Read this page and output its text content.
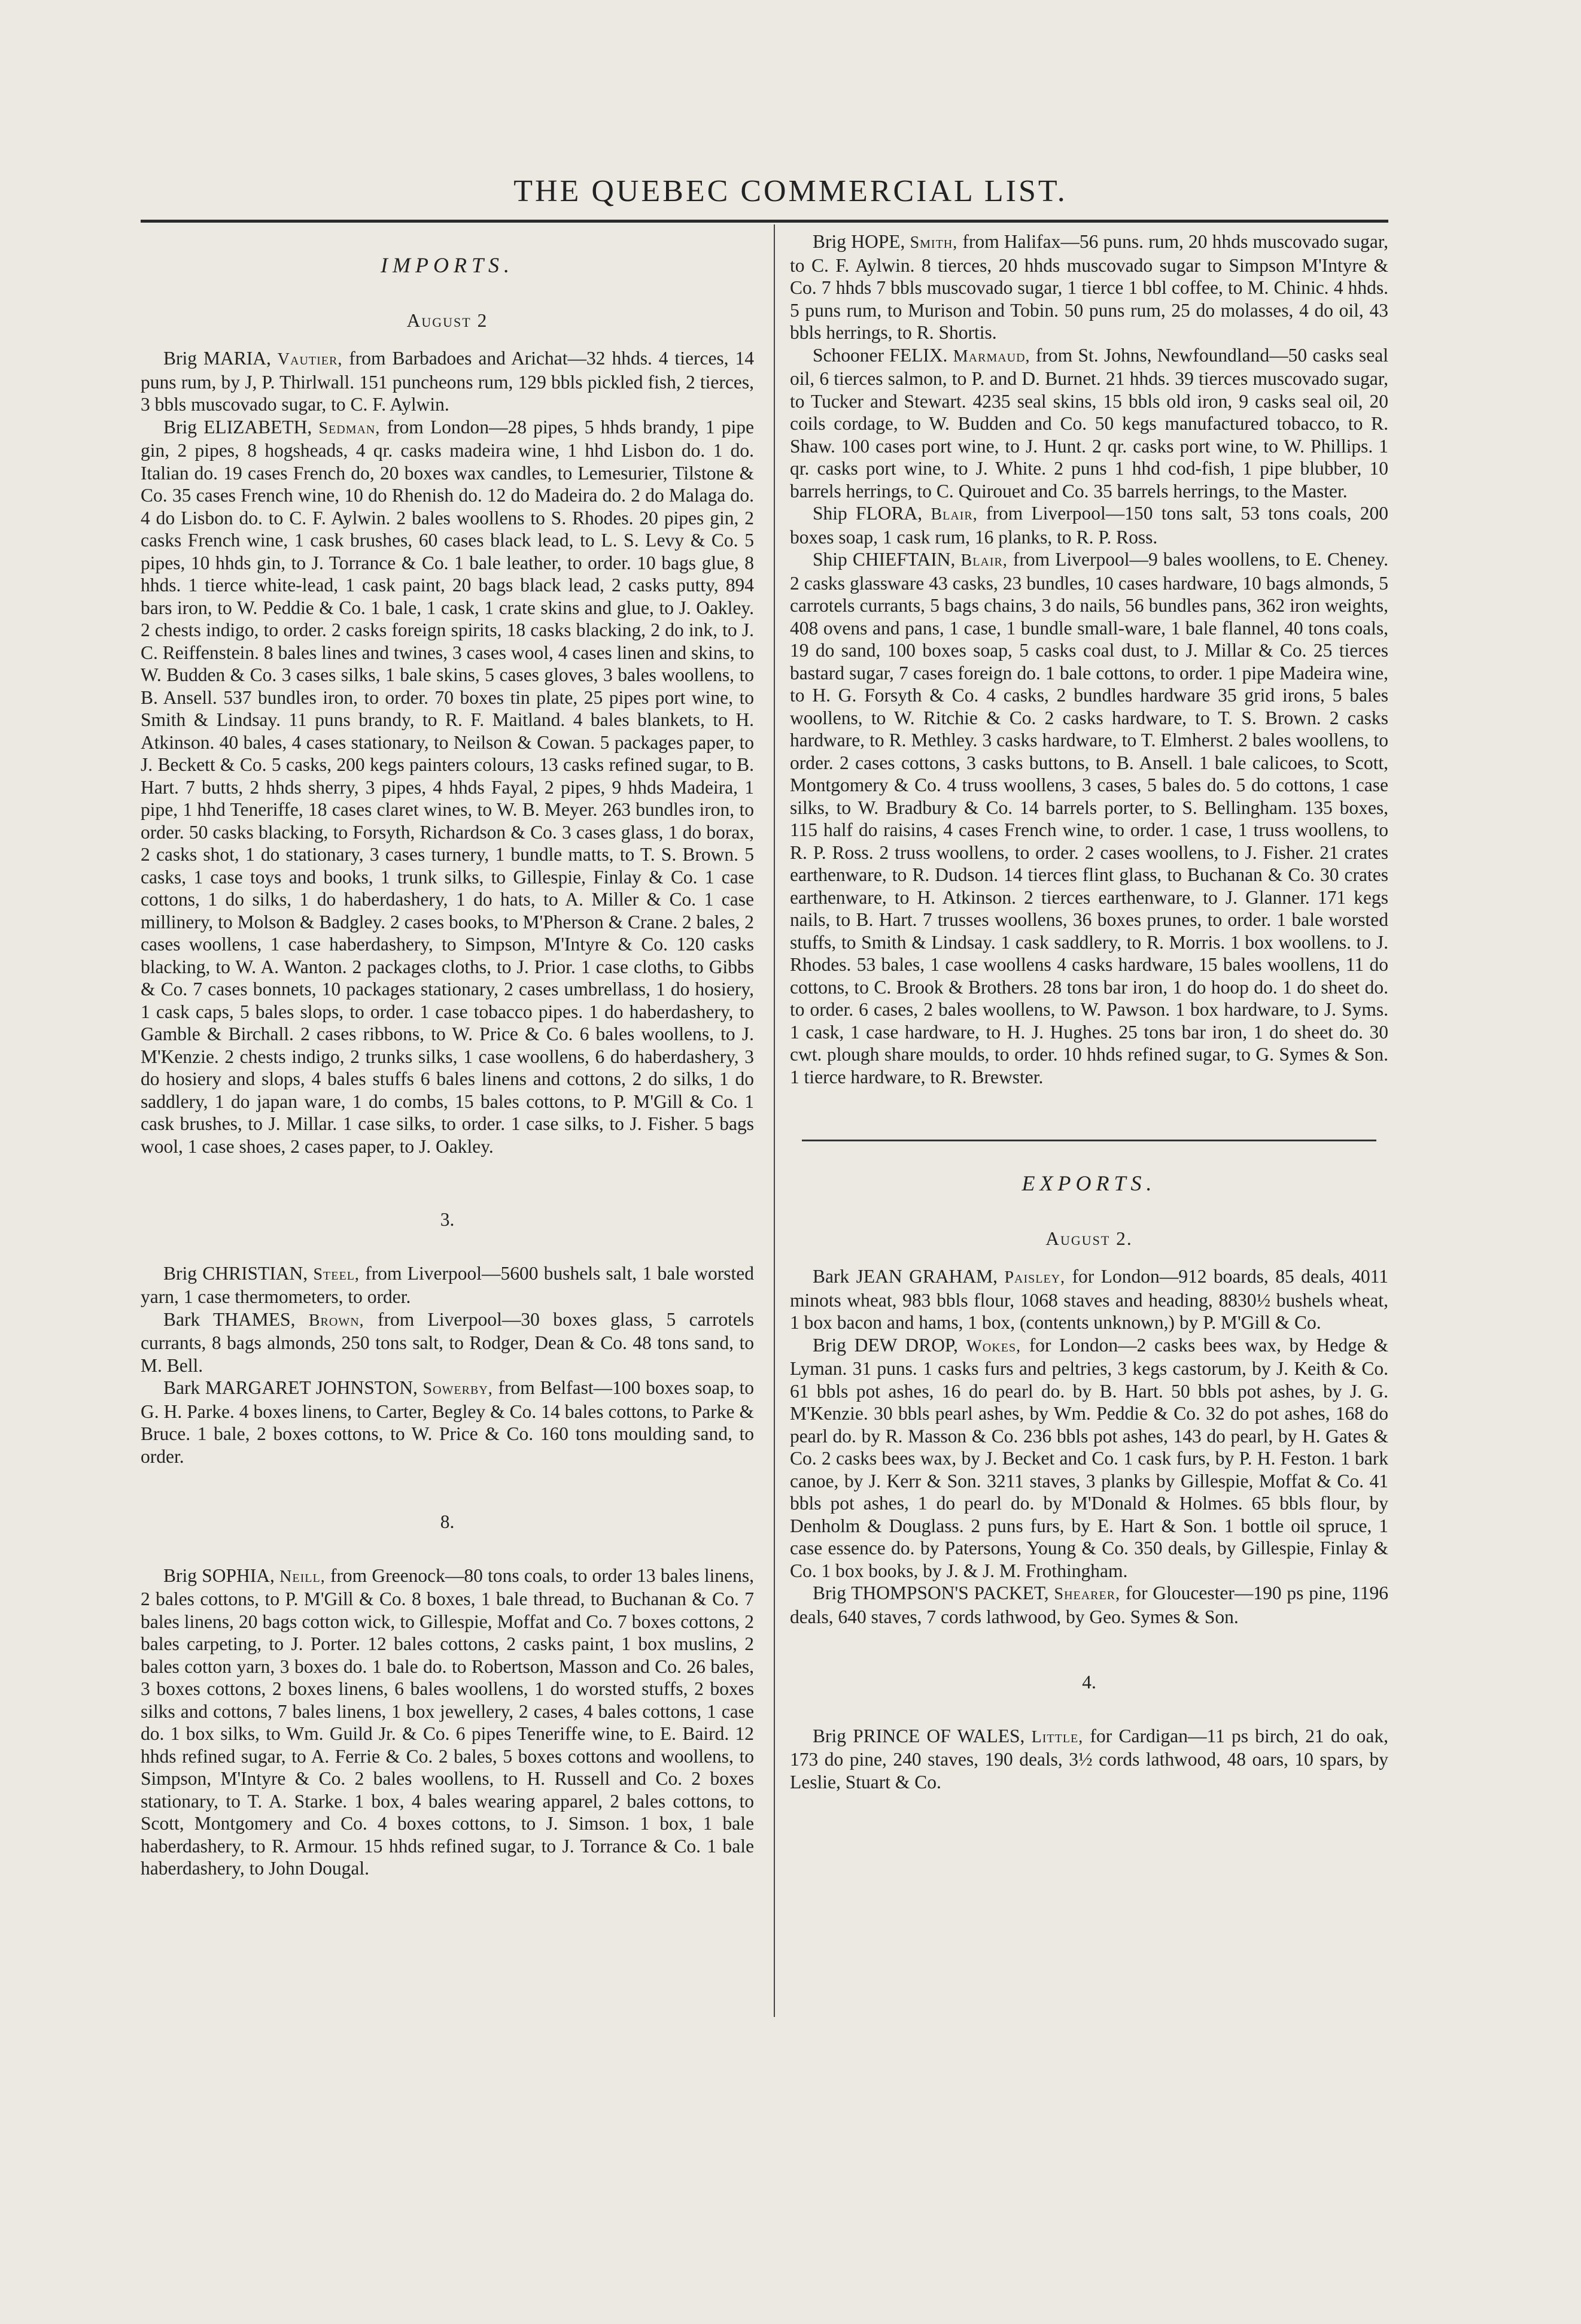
THE QUEBEC COMMERCIAL LIST.
IMPORTS.

August 2

Brig MARIA, Vautier, from Barbadoes and Arichat—32 hhds. 4 tierces, 14 puns rum, by J, P. Thirlwall. 151 puncheons rum, 129 bbls pickled fish, 2 tierces, 3 bbls muscovado sugar, to C. F. Aylwin.

Brig ELIZABETH, Sedman, from London—28 pipes, 5 hhds brandy, 1 pipe gin, 2 pipes, 8 hogsheads, 4 qr. casks madeira wine, 1 hhd Lisbon do. 1 do. Italian do. 19 cases French do, 20 boxes wax candles, to Lemesurier, Tilstone & Co. 35 cases French wine, 10 do Rhenish do. 12 do Madeira do. 2 do Malaga do. 4 do Lisbon do. to C. F. Aylwin. 2 bales woollens to S. Rhodes. 20 pipes gin, 2 casks French wine, 1 cask brushes, 60 cases black lead, to L. S. Levy & Co. 5 pipes, 10 hhds gin, to J. Torrance & Co. 1 bale leather, to order. 10 bags glue, 8 hhds. 1 tierce white-lead, 1 cask paint, 20 bags black lead, 2 casks putty, 894 bars iron, to W. Peddie & Co. 1 bale, 1 cask, 1 crate skins and glue, to J. Oakley. 2 chests indigo, to order. 2 casks foreign spirits, 18 casks blacking, 2 do ink, to J. C. Reiffenstein. 8 bales lines and twines, 3 cases wool, 4 cases linen and skins, to W. Budden & Co. 3 cases silks, 1 bale skins, 5 cases gloves, 3 bales woollens, to B. Ansell. 537 bundles iron, to order. 70 boxes tin plate, 25 pipes port wine, to Smith & Lindsay. 11 puns brandy, to R. F. Maitland. 4 bales blankets, to H. Atkinson. 40 bales, 4 cases stationary, to Neilson & Cowan. 5 packages paper, to J. Beckett & Co. 5 casks, 200 kegs painters colours, 13 casks refined sugar, to B. Hart. 7 butts, 2 hhds sherry, 3 pipes, 4 hhds Fayal, 2 pipes, 9 hhds Madeira, 1 pipe, 1 hhd Teneriffe, 18 cases claret wines, to W. B. Meyer. 263 bundles iron, to order. 50 casks blacking, to Forsyth, Richardson & Co. 3 cases glass, 1 do borax, 2 casks shot, 1 do stationary, 3 cases turnery, 1 bundle matts, to T. S. Brown. 5 casks, 1 case toys and books, 1 trunk silks, to Gillespie, Finlay & Co. 1 case cottons, 1 do silks, 1 do haberdashery, 1 do hats, to A. Miller & Co. 1 case millinery, to Molson & Badgley. 2 cases books, to M'Pherson & Crane. 2 bales, 2 cases woollens, 1 case haberdashery, to Simpson, M'Intyre & Co. 120 casks blacking, to W. A. Wanton. 2 packages cloths, to J. Prior. 1 case cloths, to Gibbs & Co. 7 cases bonnets, 10 packages stationary, 2 cases umbrellass, 1 do hosiery, 1 cask caps, 5 bales slops, to order. 1 case tobacco pipes. 1 do haberdashery, to Gamble & Birchall. 2 cases ribbons, to W. Price & Co. 6 bales woollens, to J. M'Kenzie. 2 chests indigo, 2 trunks silks, 1 case woollens, 6 do haberdashery, 3 do hosiery and slops, 4 bales stuffs 6 bales linens and cottons, 2 do silks, 1 do saddlery, 1 do japan ware, 1 do combs, 15 bales cottons, to P. M'Gill & Co. 1 cask brushes, to J. Millar. 1 case silks, to order. 1 case silks, to J. Fisher. 5 bags wool, 1 case shoes, 2 cases paper, to J. Oakley.

3.

Brig CHRISTIAN, Steel, from Liverpool—5600 bushels salt, 1 bale worsted yarn, 1 case thermometers, to order.

Bark THAMES, Brown, from Liverpool—30 boxes glass, 5 carrotels currants, 8 bags almonds, 250 tons salt, to Rodger, Dean & Co. 48 tons sand, to M. Bell.

Bark MARGARET JOHNSTON, Sowerby, from Belfast—100 boxes soap, to G. H. Parke. 4 boxes linens, to Carter, Begley & Co. 14 bales cottons, to Parke & Bruce. 1 bale, 2 boxes cottons, to W. Price & Co. 160 tons moulding sand, to order.

8.

Brig SOPHIA, Neill, from Greenock—80 tons coals, to order 13 bales linens, 2 bales cottons, to P. M'Gill & Co. 8 boxes, 1 bale thread, to Buchanan & Co. 7 bales linens, 20 bags cotton wick, to Gillespie, Moffat and Co. 7 boxes cottons, 2 bales carpeting, to J. Porter. 12 bales cottons, 2 casks paint, 1 box muslins, 2 bales cotton yarn, 3 boxes do. 1 bale do. to Robertson, Masson and Co. 26 bales, 3 boxes cottons, 2 boxes linens, 6 bales woollens, 1 do worsted stuffs, 2 boxes silks and cottons, 7 bales linens, 1 box jewellery, 2 cases, 4 bales cottons, 1 case do. 1 box silks, to Wm. Guild Jr. & Co. 6 pipes Teneriffe wine, to E. Baird. 12 hhds refined sugar, to A. Ferrie & Co. 2 bales, 5 boxes cottons and woollens, to Simpson, M'Intyre & Co. 2 bales woollens, to H. Russell and Co. 2 boxes stationary, to T. A. Starke. 1 box, 4 bales wearing apparel, 2 bales cottons, to Scott, Montgomery and Co. 4 boxes cottons, to J. Simson. 1 box, 1 bale haberdashery, to R. Armour. 15 hhds refined sugar, to J. Torrance & Co. 1 bale haberdashery, to John Dougal.

Brig HOPE, Smith, from Halifax—56 puns. rum, 20 hhds muscovado sugar, to C. F. Aylwin. 8 tierces, 20 hhds muscovado sugar to Simpson M'Intyre & Co. 7 hhds 7 bbls muscovado sugar, 1 tierce 1 bbl coffee, to M. Chinic. 4 hhds. 5 puns rum, to Murison and Tobin. 50 puns rum, 25 do molasses, 4 do oil, 43 bbls herrings, to R. Shortis.

Schooner FELIX. Marmaud, from St. Johns, Newfoundland—50 casks seal oil, 6 tierces salmon, to P. and D. Burnet. 21 hhds. 39 tierces muscovado sugar, to Tucker and Stewart. 4235 seal skins, 15 bbls old iron, 9 casks seal oil, 20 coils cordage, to W. Budden and Co. 50 kegs manufactured tobacco, to R. Shaw. 100 cases port wine, to J. Hunt. 2 qr. casks port wine, to W. Phillips. 1 qr. casks port wine, to J. White. 2 puns 1 hhd cod-fish, 1 pipe blubber, 10 barrels herrings, to C. Quirouet and Co. 35 barrels herrings, to the Master.

Ship FLORA, Blair, from Liverpool—150 tons salt, 53 tons coals, 200 boxes soap, 1 cask rum, 16 planks, to R. P. Ross.

Ship CHIEFTAIN, Blair, from Liverpool—9 bales woollens, to E. Cheney. 2 casks glassware 43 casks, 23 bundles, 10 cases hardware, 10 bags almonds, 5 carrotels currants, 5 bags chains, 3 do nails, 56 bundles pans, 362 iron weights, 408 ovens and pans, 1 case, 1 bundle small-ware, 1 bale flannel, 40 tons coals, 19 do sand, 100 boxes soap, 5 casks coal dust, to J. Millar & Co. 25 tierces bastard sugar, 7 cases foreign do. 1 bale cottons, to order. 1 pipe Madeira wine, to H. G. Forsyth & Co. 4 casks, 2 bundles hardware 35 grid irons, 5 bales woollens, to W. Ritchie & Co. 2 casks hardware, to T. S. Brown. 2 casks hardware, to R. Methley. 3 casks hardware, to T. Elmherst. 2 bales woollens, to order. 2 cases cottons, 3 casks buttons, to B. Ansell. 1 bale calicoes, to Scott, Montgomery & Co. 4 truss woollens, 3 cases, 5 bales do. 5 do cottons, 1 case silks, to W. Bradbury & Co. 14 barrels porter, to S. Bellingham. 135 boxes, 115 half do raisins, 4 cases French wine, to order. 1 case, 1 truss woollens, to R. P. Ross. 2 truss woollens, to order. 2 cases woollens, to J. Fisher. 21 crates earthenware, to R. Dudson. 14 tierces flint glass, to Buchanan & Co. 30 crates earthenware, to H. Atkinson. 2 tierces earthenware, to J. Glanner. 171 kegs nails, to B. Hart. 7 trusses woollens, 36 boxes prunes, to order. 1 bale worsted stuffs, to Smith & Lindsay. 1 cask saddlery, to R. Morris. 1 box woollens. to J. Rhodes. 53 bales, 1 case woollens 4 casks hardware, 15 bales woollens, 11 do cottons, to C. Brook & Brothers. 28 tons bar iron, 1 do hoop do. 1 do sheet do. to order. 6 cases, 2 bales woollens, to W. Pawson. 1 box hardware, to J. Syms. 1 cask, 1 case hardware, to H. J. Hughes. 25 tons bar iron, 1 do sheet do. 30 cwt. plough share moulds, to order. 10 hhds refined sugar, to G. Symes & Son. 1 tierce hardware, to R. Brewster.

EXPORTS.

August 2.

Bark JEAN GRAHAM, Paisley, for London—912 boards, 85 deals, 4011 minots wheat, 983 bbls flour, 1068 staves and heading, 8830½ bushels wheat, 1 box bacon and hams, 1 box, (contents unknown,) by P. M'Gill & Co.

Brig DEW DROP, Wokes, for London—2 casks bees wax, by Hedge & Lyman. 31 puns. 1 casks furs and peltries, 3 kegs castorum, by J. Keith & Co. 61 bbls pot ashes, 16 do pearl do. by B. Hart. 50 bbls pot ashes, by J. G. M'Kenzie. 30 bbls pearl ashes, by Wm. Peddie & Co. 32 do pot ashes, 168 do pearl do. by R. Masson & Co. 236 bbls pot ashes, 143 do pearl, by H. Gates & Co. 2 casks bees wax, by J. Becket and Co. 1 cask furs, by P. H. Feston. 1 bark canoe, by J. Kerr & Son. 3211 staves, 3 planks by Gillespie, Moffat & Co. 41 bbls pot ashes, 1 do pearl do. by M'Donald & Holmes. 65 bbls flour, by Denholm & Douglass. 2 puns furs, by E. Hart & Son. 1 bottle oil spruce, 1 case essence do. by Patersons, Young & Co. 350 deals, by Gillespie, Finlay & Co. 1 box books, by J. & J. M. Frothingham.

Brig THOMPSON'S PACKET, Shearer, for Gloucester—190 ps pine, 1196 deals, 640 staves, 7 cords lathwood, by Geo. Symes & Son.

4.

Brig PRINCE OF WALES, Little, for Cardigan—11 ps birch, 21 do oak, 173 do pine, 240 staves, 190 deals, 3½ cords lathwood, 48 oars, 10 spars, by Leslie, Stuart & Co.
